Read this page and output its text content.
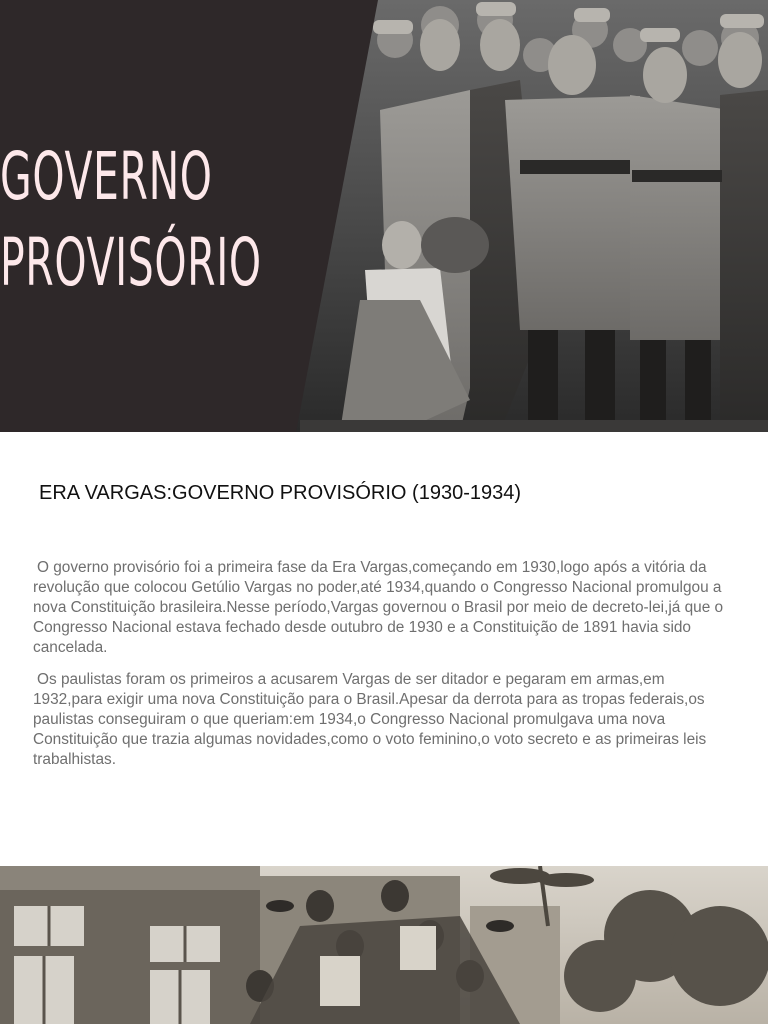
GOVERNO
PROVISÓRIO
ERA VARGAS:GOVERNO PROVISÓRIO (1930-1934)

O governo provisório foi a primeira fase da Era Vargas,começando em 1930,logo após a vitória da revolução que colocou Getúlio Vargas no poder,até 1934,quando o Congresso Nacional promulgou a nova Constituição brasileira.Nesse período,Vargas governou o Brasil por meio de decreto-lei,já que o Congresso Nacional estava fechado desde outubro de 1930 e a Constituição de 1891 havia sido cancelada.

Os paulistas foram os primeiros a acusarem Vargas de ser ditador e pegaram em armas,em 1932,para exigir uma nova Constituição para o Brasil.Apesar da derrota para as tropas federais,os paulistas conseguiram o que queriam:em 1934,o Congresso Nacional promulgava uma nova Constituição que trazia algumas novidades,como o voto feminino,o voto secreto e as primeiras leis trabalhistas.
